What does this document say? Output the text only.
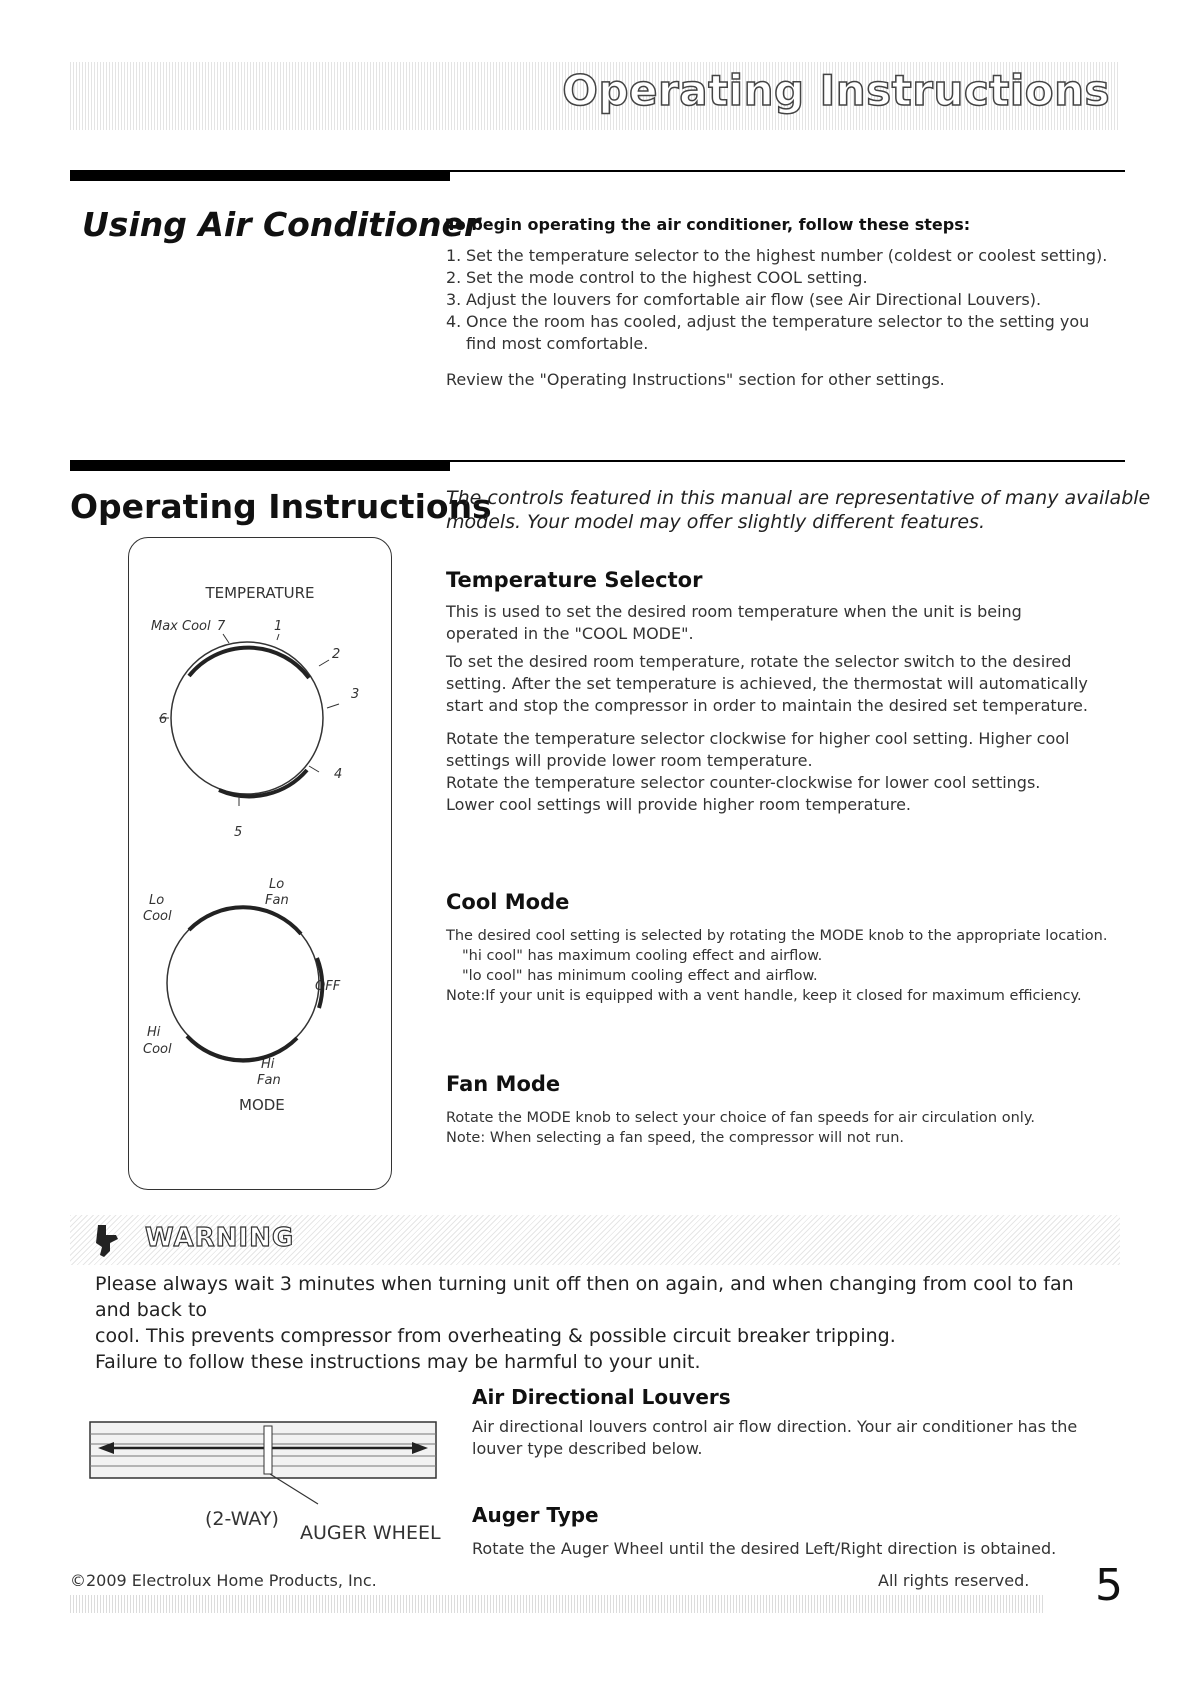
Operating Instructions
Using Air Conditioner
To begin operating the air conditioner, follow these steps:
1. Set the temperature selector to the highest number (coldest or coolest setting).
2. Set the mode control to the highest COOL setting.
3. Adjust the louvers for comfortable air flow (see Air Directional Louvers).
4. Once the room has cooled, adjust the temperature selector to the setting you find most comfortable.
Review the "Operating Instructions" section for other settings.
Operating Instructions
The controls featured in this manual are representative of many available
models. Your model may offer slightly different features.
TEMPERATURE
Max Cool 7	1
2
3
4
5
6
Lo
Fan
Lo
Cool
OFF
Hi
Cool
Hi
Fan
MODE
Temperature Selector
This is used to set the desired room temperature when the unit is being operated in the "COOL MODE".
To set the desired room temperature, rotate the selector switch to the desired setting. After the set temperature is achieved, the thermostat will automatically start and stop the compressor in order to maintain the desired set temperature.
Rotate the temperature selector clockwise for higher cool setting. Higher cool settings will provide lower room temperature.
Rotate the temperature selector counter-clockwise for lower cool settings. Lower cool settings will provide higher room temperature.
Cool Mode
The desired cool setting is selected by rotating the MODE knob to the appropriate location.
"hi cool" has maximum cooling effect and airflow.
"lo cool" has minimum cooling effect and airflow.
Note:If your unit is equipped with a vent handle, keep it closed for maximum efficiency.
Fan Mode
Rotate the MODE knob to select your choice of fan speeds for air circulation only.
Note: When selecting a fan speed, the compressor will not run.
WARNING
Please always wait 3 minutes when turning unit off then on again, and when changing from cool to fan and back to
cool. This prevents compressor from overheating & possible circuit breaker tripping.
Failure to follow these instructions may be harmful to your unit.
Air Directional Louvers
Air directional louvers control air flow direction. Your air conditioner has the louver type described below.
(2-WAY)
AUGER WHEEL
Auger Type
Rotate the Auger Wheel until the desired Left/Right direction is obtained.
©2009 Electrolux Home Products, Inc.	All rights reserved. 5
